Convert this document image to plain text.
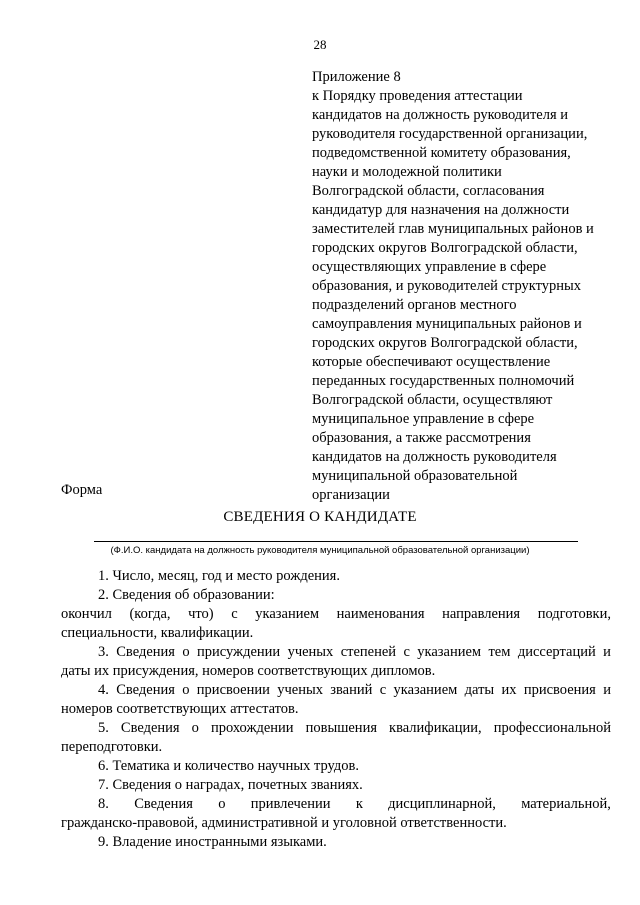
28
Приложение 8
к Порядку проведения аттестации
кандидатов на должность руководителя и
руководителя государственной организации,
подведомственной комитету образования,
науки и молодежной политики
Волгоградской области, согласования
кандидатур для назначения на должности
заместителей глав муниципальных районов и
городских округов Волгоградской области,
осуществляющих управление в сфере
образования, и руководителей структурных
подразделений органов местного
самоуправления муниципальных районов и
городских округов Волгоградской области,
которые обеспечивают осуществление
переданных государственных полномочий
Волгоградской области, осуществляют
муниципальное управление в сфере
образования, а также рассмотрения
кандидатов на должность руководителя
муниципальной образовательной
организации
Форма
СВЕДЕНИЯ О КАНДИДАТЕ
(Ф.И.О. кандидата на должность руководителя муниципальной образовательной организации)
1. Число, месяц, год и место рождения.
2. Сведения об образовании:
окончил (когда, что) с указанием наименования направления подготовки,
специальности, квалификации.
3. Сведения о присуждении ученых степеней с указанием тем диссертаций и
даты их присуждения, номеров соответствующих дипломов.
4. Сведения о присвоении ученых званий с указанием даты их присвоения и
номеров соответствующих аттестатов.
5. Сведения о прохождении повышения квалификации, профессиональной
переподготовки.
6. Тематика и количество научных трудов.
7. Сведения о наградах, почетных званиях.
8. Сведения о привлечении к дисциплинарной, материальной,
гражданско-правовой, административной и уголовной ответственности.
9. Владение иностранными языками.
